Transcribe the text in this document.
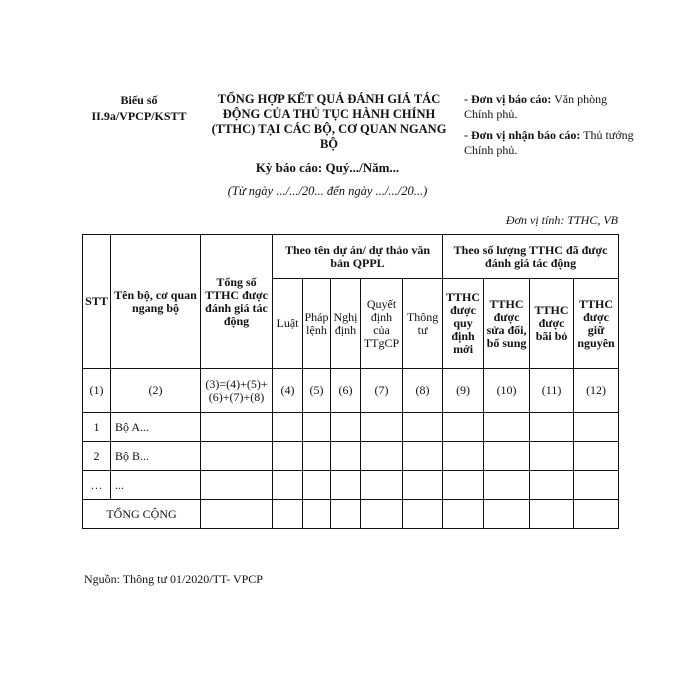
Biểu số
II.9a/VPCP/KSTT
TỔNG HỢP KẾT QUẢ ĐÁNH GIÁ TÁC
ĐỘNG CỦA THỦ TỤC HÀNH CHÍNH
(TTHC) TẠI CÁC BỘ, CƠ QUAN NGANG
BỘ

- Đơn vị báo cáo: Văn phòng Chính phủ.

- Đơn vị nhận báo cáo: Thủ tướng Chính phủ.

Kỳ báo cáo: Quý.../Năm...
(Từ ngày .../.../20... đến ngày .../.../20...)
Đơn vị tính: TTHC, VB
STT	Tên bộ, cơ quan ngang bộ	Tổng số TTHC được đánh giá tác động	Theo tên dự án/ dự thảo văn bản QPPL					Theo số lượng TTHC đã được đánh giá tác động			
			Luật	Pháp lệnh	Nghị định	Quyết định của TTgCP	Thông tư	TTHC được quy định mới	TTHC được sửa đổi, bổ sung	TTHC được bãi bỏ	TTHC được giữ nguyên
(1)	(2)	(3)=(4)+(5)+(6)+(7)+(8)	(4)	(5)	(6)	(7)	(8)	(9)	(10)	(11)	(12)
1	Bộ A...										
2	Bộ B...										
…	...										
TỔNG CỘNG											
Nguồn: Thông tư 01/2020/TT- VPCP
